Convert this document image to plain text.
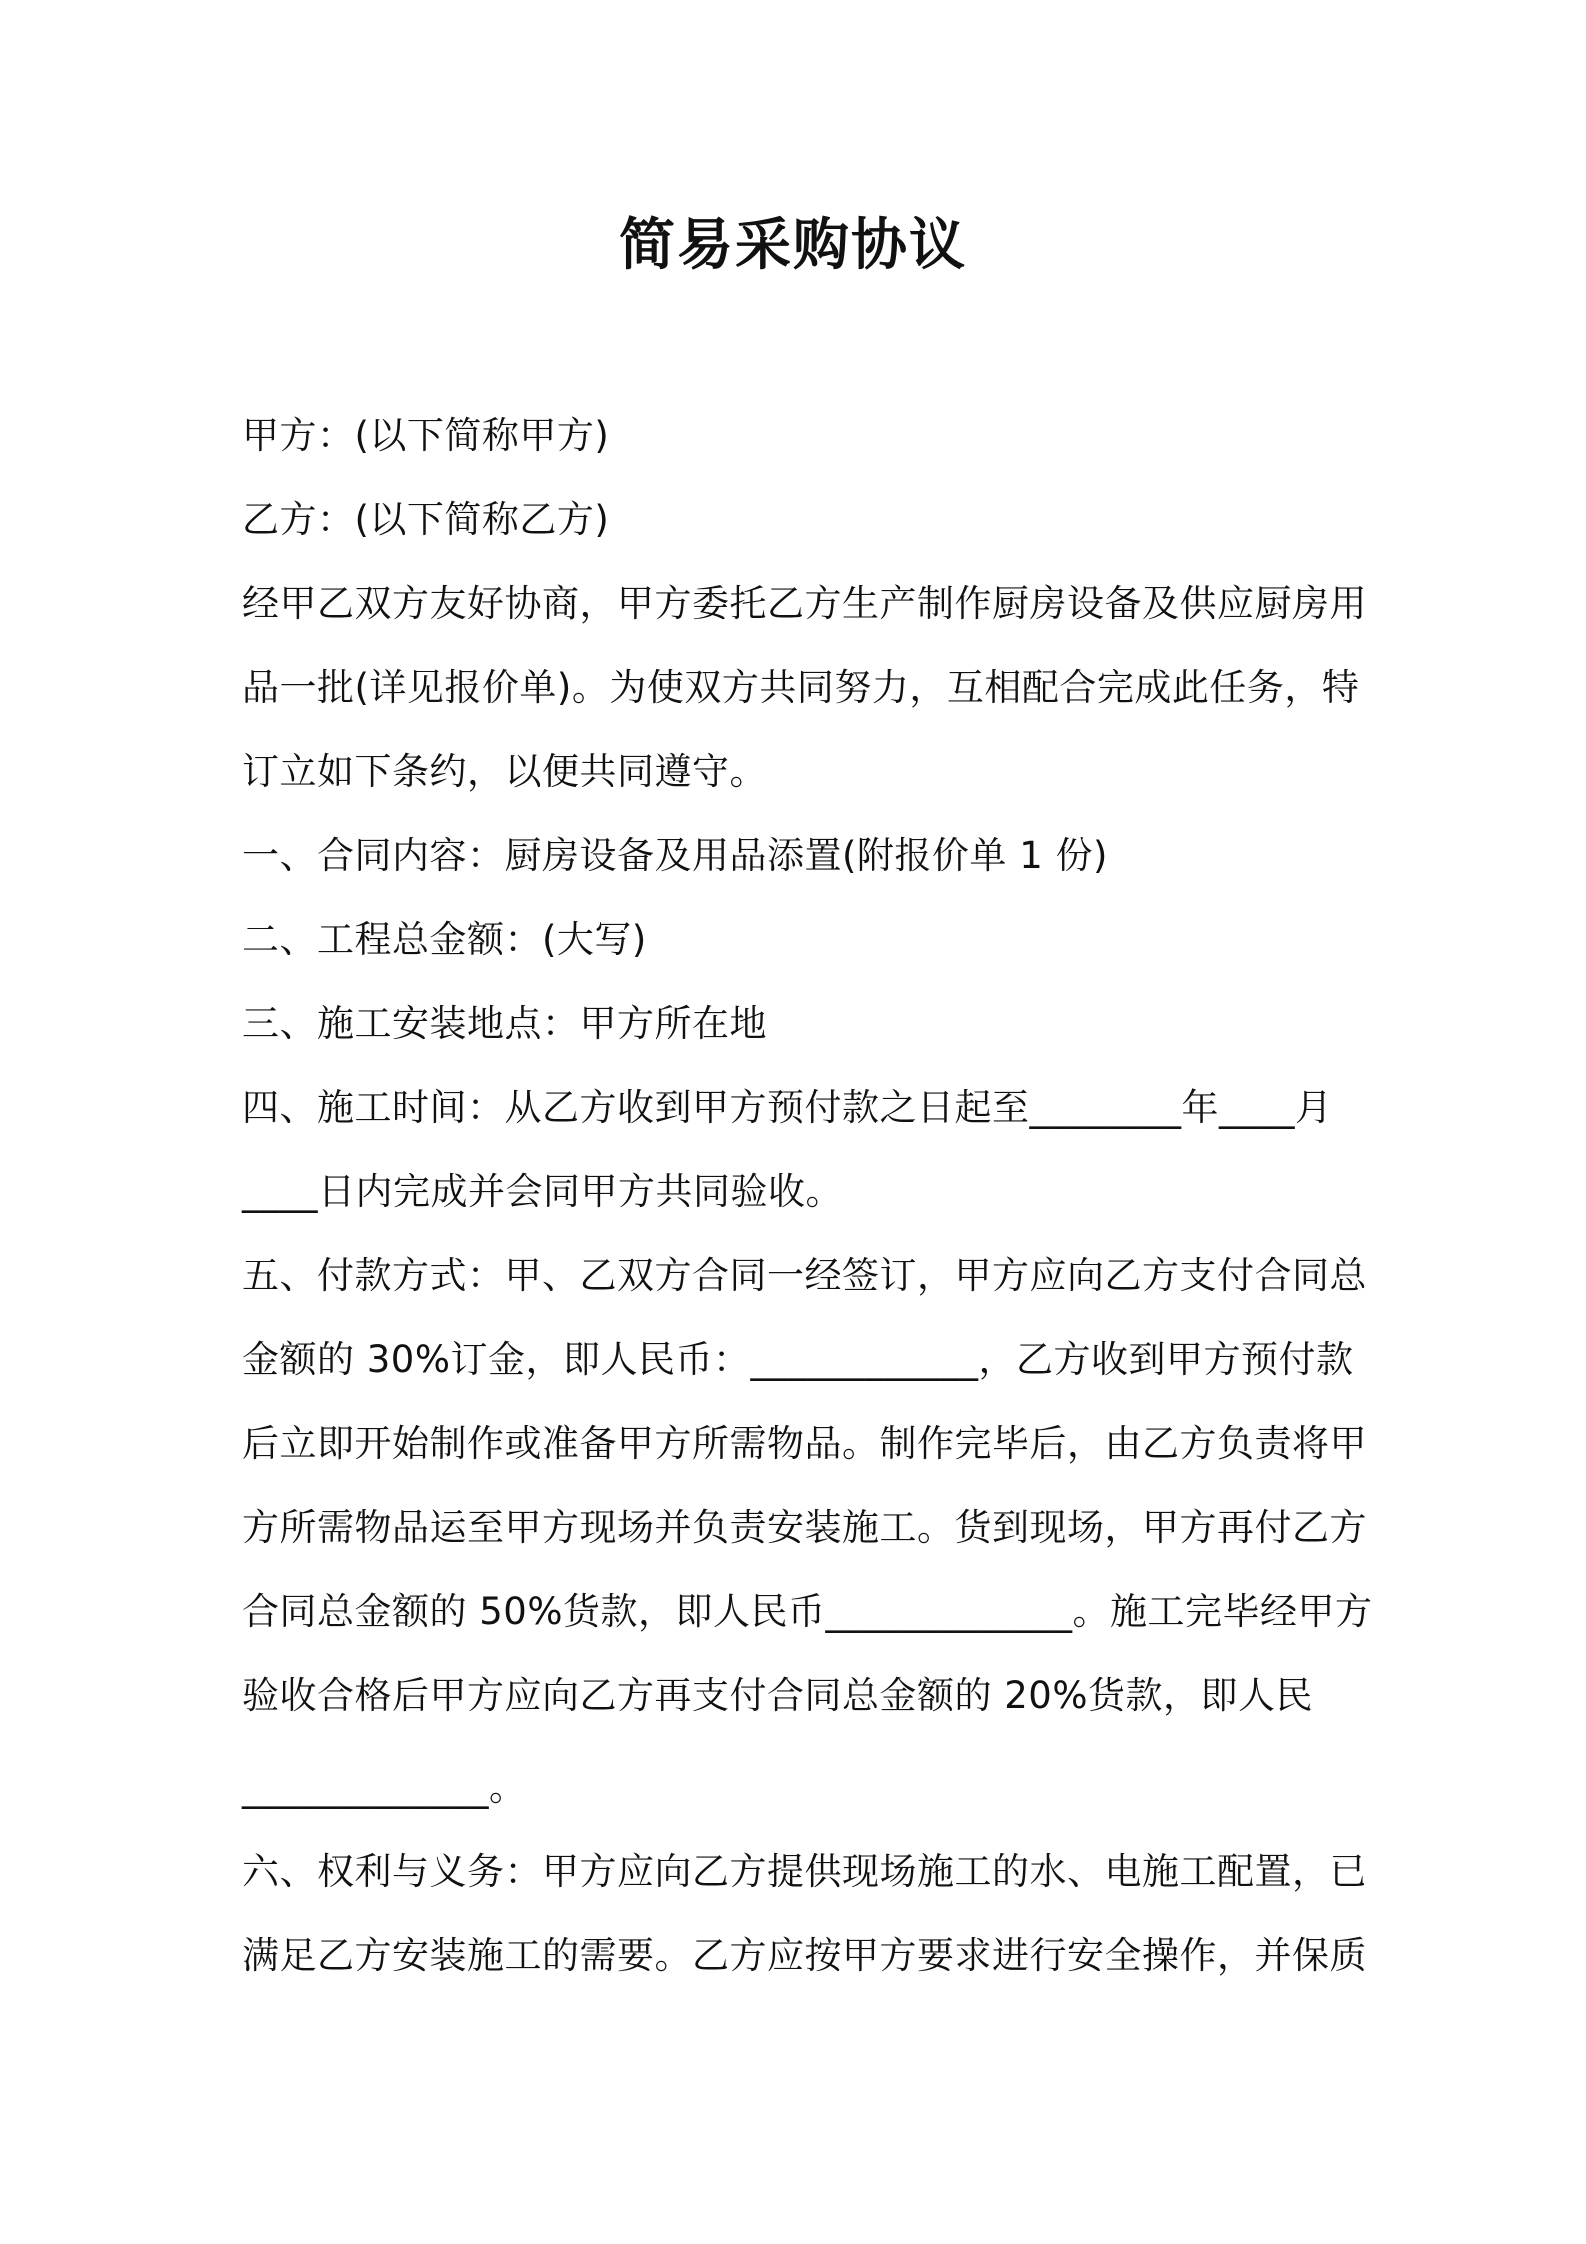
简易采购协议
甲方：(以下简称甲方)
乙方：(以下简称乙方)
经甲乙双方友好协商，甲方委托乙方生产制作厨房设备及供应厨房用
品一批(详见报价单)。为使双方共同努力，互相配合完成此任务，特
订立如下条约，以便共同遵守。
一、合同内容：厨房设备及用品添置(附报价单 1 份)
二、工程总金额：(大写)
三、施工安装地点：甲方所在地
四、施工时间：从乙方收到甲方预付款之日起至________年____月
____日内完成并会同甲方共同验收。
五、付款方式：甲、乙双方合同一经签订，甲方应向乙方支付合同总
金额的 30%订金，即人民币：____________，乙方收到甲方预付款
后立即开始制作或准备甲方所需物品。制作完毕后，由乙方负责将甲
方所需物品运至甲方现场并负责安装施工。货到现场，甲方再付乙方
合同总金额的 50%货款，即人民币_____________。施工完毕经甲方
验收合格后甲方应向乙方再支付合同总金额的 20%货款，即人民
_____________。
六、权利与义务：甲方应向乙方提供现场施工的水、电施工配置，已
满足乙方安装施工的需要。乙方应按甲方要求进行安全操作，并保质
